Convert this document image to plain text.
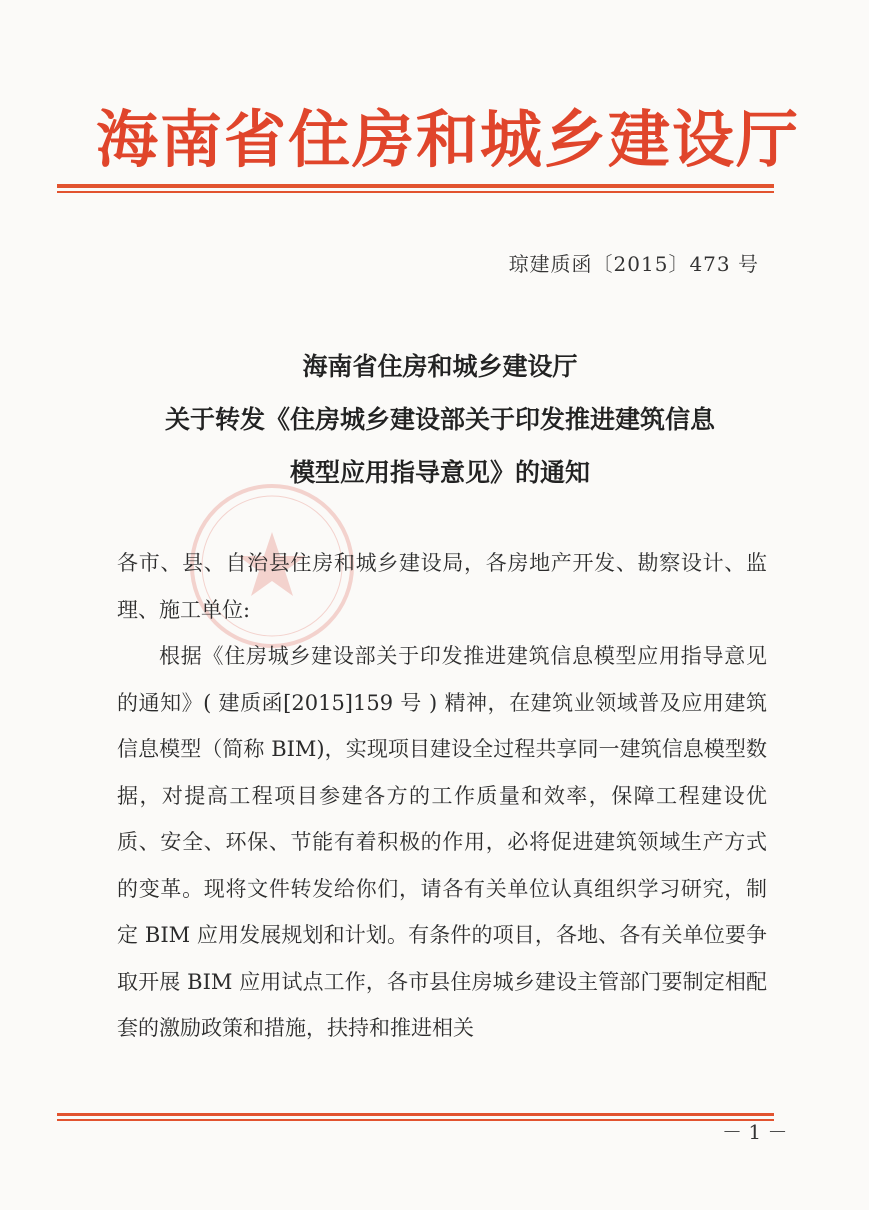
海南省住房和城乡建设厅
琼建质函〔2015〕473 号
海南省住房和城乡建设厅
关于转发《住房城乡建设部关于印发推进建筑信息
模型应用指导意见》的通知

各市、县、自治县住房和城乡建设局，各房地产开发、勘察设计、监理、施工单位:

根据《住房城乡建设部关于印发推进建筑信息模型应用指导意见的通知》( 建质函[2015]159 号 ) 精神，在建筑业领域普及应用建筑信息模型（简称 BIM)，实现项目建设全过程共享同一建筑信息模型数据，对提高工程项目参建各方的工作质量和效率，保障工程建设优质、安全、环保、节能有着积极的作用，必将促进建筑领域生产方式的变革。现将文件转发给你们，请各有关单位认真组织学习研究，制定 BIM 应用发展规划和计划。有条件的项目，各地、各有关单位要争取开展 BIM 应用试点工作，各市县住房城乡建设主管部门要制定相配套的激励政策和措施，扶持和推进相关

－ 1 －
